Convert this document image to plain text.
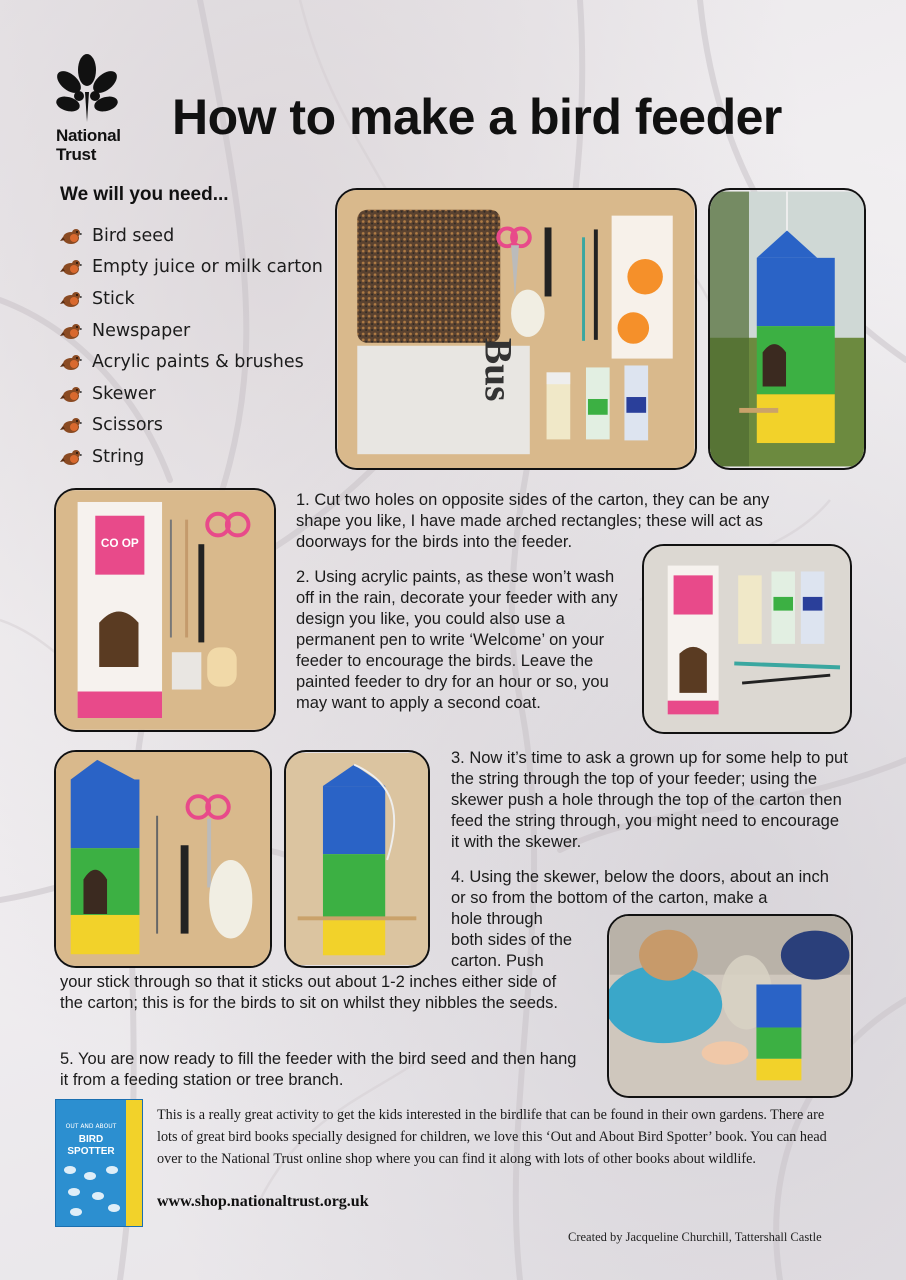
National
Trust
How to make a bird feeder
We will you need...
Bird seed
Empty juice or milk carton
Stick
Newspaper
Acrylic paints & brushes
Skewer
Scissors
String
Bus
CO OP
1. Cut two holes on opposite sides of the carton, they can be any shape you like, I have made arched rectangles; these will act as doorways for the birds into the feeder.
2. Using acrylic paints, as these won’t wash off in the rain, decorate your feeder with any design you like, you could also use a permanent pen to write ‘Welcome’ on your feeder to encourage the birds. Leave the painted feeder to dry for an hour or so, you may want to apply a second coat.
3. Now it’s time to ask a grown up for some help to put the string through the top of your feeder; using the skewer push a hole through the top of the carton then feed the string through, you might need to encourage it with the skewer.
4. Using the skewer, below the doors, about an inch or so from the bottom of the carton, make a
hole through
both sides of the
carton. Push
your stick through so that it sticks out about 1-2 inches either side of the carton; this is for the birds to sit on whilst they nibbles the seeds.
5. You are now ready to fill the feeder with the bird seed and then hang it from a feeding station or tree branch.
OUT AND ABOUT
BIRD
SPOTTER
This is a really great activity to get the kids interested in the birdlife that can be found in their own gardens. There are lots of great bird books specially designed for children, we love this ‘Out and About Bird Spotter’ book. You can head over to the National Trust online shop where you can find it along with lots of other books about wildlife.
www.shop.nationaltrust.org.uk
Created by Jacqueline Churchill, Tattershall Castle
